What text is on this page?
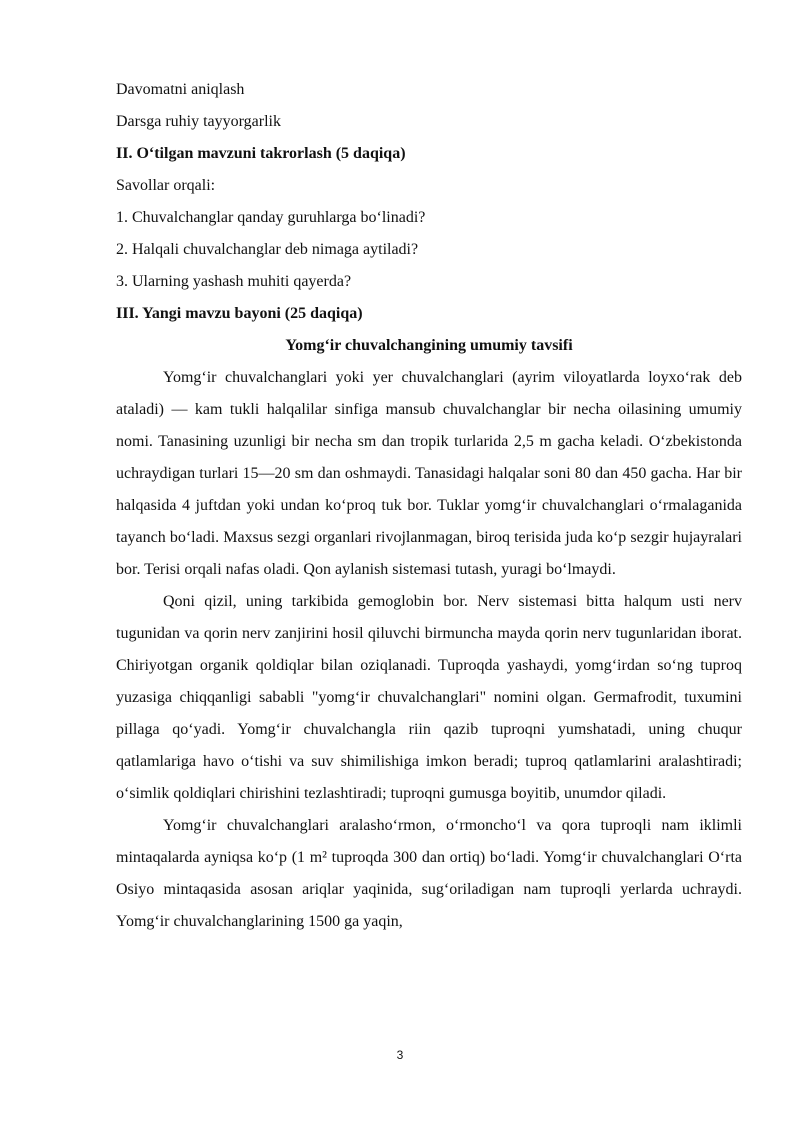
Davomatni aniqlash

Darsga ruhiy tayyorgarlik

II. O‘tilgan mavzuni takrorlash (5 daqiqa)

Savollar orqali:

1. Chuvalchanglar qanday guruhlarga bo‘linadi?

2. Halqali chuvalchanglar deb nimaga aytiladi?

3. Ularning yashash muhiti qayerda?

III. Yangi mavzu bayoni (25 daqiqa)

Yomg‘ir chuvalchangining umumiy tavsifi

Yomg‘ir chuvalchanglari yoki yer chuvalchanglari (ayrim viloyatlarda loyxo‘rak deb ataladi) — kam tukli halqalilar sinfiga mansub chuvalchanglar bir necha oilasining umumiy nomi. Tanasining uzunligi bir necha sm dan tropik turlarida 2,5 m gacha keladi. O‘zbekistonda uchraydigan turlari 15—20 sm dan oshmaydi. Tanasidagi halqalar soni 80 dan 450 gacha. Har bir halqasida 4 juftdan yoki undan ko‘proq tuk bor. Tuklar yomg‘ir chuvalchanglari o‘rmalaganida tayanch bo‘ladi. Maxsus sezgi organlari rivojlanmagan, biroq terisida juda ko‘p sezgir hujayralari bor. Terisi orqali nafas oladi. Qon aylanish sistemasi tutash, yuragi bo‘lmaydi.

Qoni qizil, uning tarkibida gemoglobin bor. Nerv sistemasi bitta halqum usti nerv tugunidan va qorin nerv zanjirini hosil qiluvchi birmuncha mayda qorin nerv tugunlaridan iborat. Chiriyotgan organik qoldiqlar bilan oziqlanadi. Tuproqda yashaydi, yomg‘irdan so‘ng tuproq yuzasiga chiqqanligi sababli "yomg‘ir chuvalchanglari" nomini olgan. Germafrodit, tuxumini pillaga qo‘yadi. Yomg‘ir chuvalchangla riin qazib tuproqni yumshatadi, uning chuqur qatlamlariga havo o‘tishi va suv shimilishiga imkon beradi; tuproq qatlamlarini aralashtiradi; o‘simlik qoldiqlari chirishini tezlashtiradi; tuproqni gumusga boyitib, unumdor qiladi.

Yomg‘ir chuvalchanglari aralasho‘rmon, o‘rmoncho‘l va qora tuproqli nam iklimli mintaqalarda ayniqsa ko‘p (1 m² tuproqda 300 dan ortiq) bo‘ladi. Yomg‘ir chuvalchanglari O‘rta Osiyo mintaqasida asosan ariqlar yaqinida, sug‘oriladigan nam tuproqli yerlarda uchraydi. Yomg‘ir chuvalchanglarining 1500 ga yaqin,

3
